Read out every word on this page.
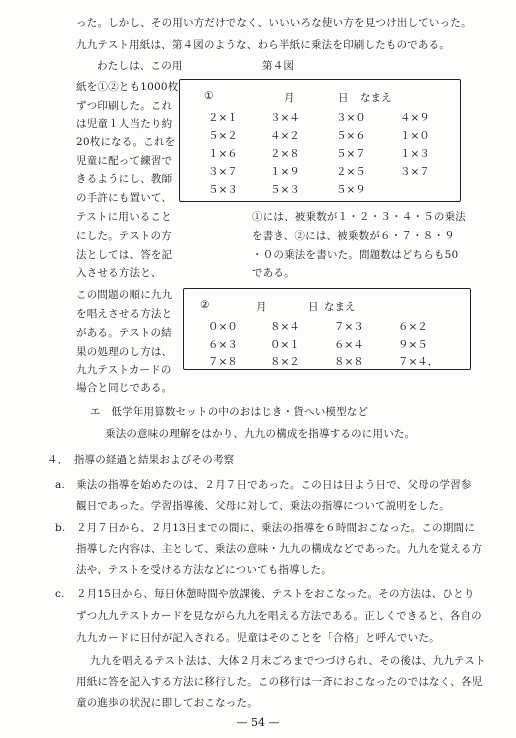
った。しかし、その用い方だけでなく、いいいろな使い方を見つけ出していった。
九九テスト用紙は、第４図のような、わら半紙に乗法を印刷したものである。
わたしは、この用
紙を①②とも1000枚
ずつ印刷した。これ
は児童１人当たり約
20枚になる。これを
児童に配って練習で
きるようにし、教師
の手許にも置いて、
テストに用いること
にした。テストの方
法としては、答を記
入させる方法と、
この問題の順に九九
を唱えさせる方法と
がある。テストの結
果の処理のし方は、
九九テストカードの
場合と同じである。
第４図
①	月	日 なまえ
２×１	３×４	３×０	４×９
５×２	４×２	５×６	１×０
１×６	２×８	５×７	１×３
３×７	１×９	２×５	３×７
５×３	５×３	５×９
①には、被乗数が１・２・３・４・５の乗法
を書き、②には、被乗数が６・７・８・９
・０の乗法を書いた。問題数はどちらも50
である。
②	月	日 なまえ
０×０	８×４	７×３	６×２
６×３	０×１	６×４	９×５
７×８	８×２	８×８	７×４．
エ　低学年用算数セットの中のおはじき・貨へい模型など
乗法の意味の理解をはかり、九九の構成を指導するのに用いた。
４．　指導の経過と結果およびその考察
a. 乗法の指導を始めたのは、２月７日であった。この日は日よう日で、父母の学習参
観日であった。学習指導後、父母に対して、乗法の指導について説明をした。
b. ２月７日から、２月13日までの間に、乗法の指導を６時間おこなった。この期間に
指導した内容は、主として、乗法の意味・九九の構成などであった。九九を覚える方
法や、テストを受ける方法などについても指導した。
c. ２月15日から、毎日休憩時間や放課後、テストをおこなった。その方法は、ひとり
ずつ九九テストカードを見ながら九九を唱える方法である。正しくできると、各自の
九九カードに日付が記入される。児童はそのことを「合格」と呼んでいた。
九九を唱えるテスト法は、大体２月末ごろまでつづけられ、その後は、九九テスト
用紙に答を記入する方法に移行した。この移行は一斉におこなったのではなく、各児
童の進歩の状況に即しておこなった。
— 54 —
